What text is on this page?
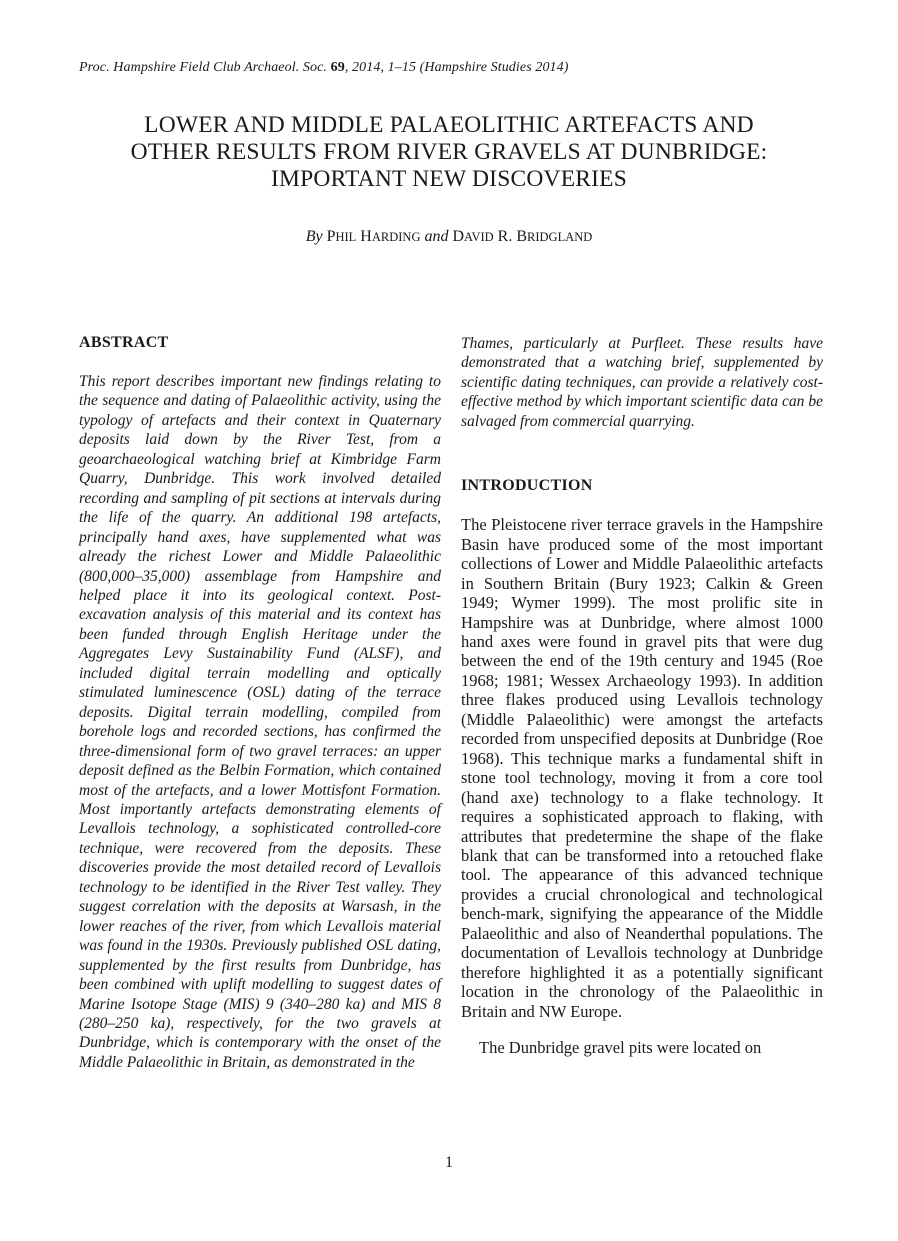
Proc. Hampshire Field Club Archaeol. Soc. 69, 2014, 1–15 (Hampshire Studies 2014)
LOWER AND MIDDLE PALAEOLITHIC ARTEFACTS AND
OTHER RESULTS FROM RIVER GRAVELS AT DUNBRIDGE:
IMPORTANT NEW DISCOVERIES
By PHIL HARDING and DAVID R. BRIDGLAND
ABSTRACT

This report describes important new findings relating to the sequence and dating of Palaeolithic activity, using the typology of artefacts and their context in Quaternary deposits laid down by the River Test, from a geoarchaeological watching brief at Kimbridge Farm Quarry, Dunbridge. This work involved detailed recording and sampling of pit sections at intervals during the life of the quarry. An additional 198 artefacts, principally hand axes, have supplemented what was already the richest Lower and Middle Palaeolithic (800,000–35,000) assemblage from Hampshire and helped place it into its geological context. Post-excavation analysis of this material and its context has been funded through English Heritage under the Aggregates Levy Sustainability Fund (ALSF), and included digital terrain modelling and optically stimulated luminescence (OSL) dating of the terrace deposits. Digital terrain modelling, compiled from borehole logs and recorded sections, has confirmed the three-dimensional form of two gravel terraces: an upper deposit defined as the Belbin Formation, which contained most of the artefacts, and a lower Mottisfont Formation. Most importantly artefacts demonstrating elements of Levallois technology, a sophisticated controlled-core technique, were recovered from the deposits. These discoveries provide the most detailed record of Levallois technology to be identified in the River Test valley. They suggest correlation with the deposits at Warsash, in the lower reaches of the river, from which Levallois material was found in the 1930s. Previously published OSL dating, supplemented by the first results from Dunbridge, has been combined with uplift modelling to suggest dates of Marine Isotope Stage (MIS) 9 (340–280 ka) and MIS 8 (280–250 ka), respectively, for the two gravels at Dunbridge, which is contemporary with the onset of the Middle Palaeolithic in Britain, as demonstrated in the

Thames, particularly at Purfleet. These results have demonstrated that a watching brief, supplemented by scientific dating techniques, can provide a relatively cost-effective method by which important scientific data can be salvaged from commercial quarrying.

INTRODUCTION

The Pleistocene river terrace gravels in the Hampshire Basin have produced some of the most important collections of Lower and Middle Palaeolithic artefacts in Southern Britain (Bury 1923; Calkin & Green 1949; Wymer 1999). The most prolific site in Hampshire was at Dunbridge, where almost 1000 hand axes were found in gravel pits that were dug between the end of the 19th century and 1945 (Roe 1968; 1981; Wessex Archaeology 1993). In addition three flakes produced using Levallois technology (Middle Palaeolithic) were amongst the artefacts recorded from unspecified deposits at Dunbridge (Roe 1968). This technique marks a fundamental shift in stone tool technology, moving it from a core tool (hand axe) technology to a flake technology. It requires a sophisticated approach to flaking, with attributes that predetermine the shape of the flake blank that can be transformed into a retouched flake tool. The appearance of this advanced technique provides a crucial chronological and technological bench-mark, signifying the appearance of the Middle Palaeolithic and also of Neanderthal populations. The documentation of Levallois technology at Dunbridge therefore highlighted it as a potentially significant location in the chronology of the Palaeolithic in Britain and NW Europe.

The Dunbridge gravel pits were located on

1
